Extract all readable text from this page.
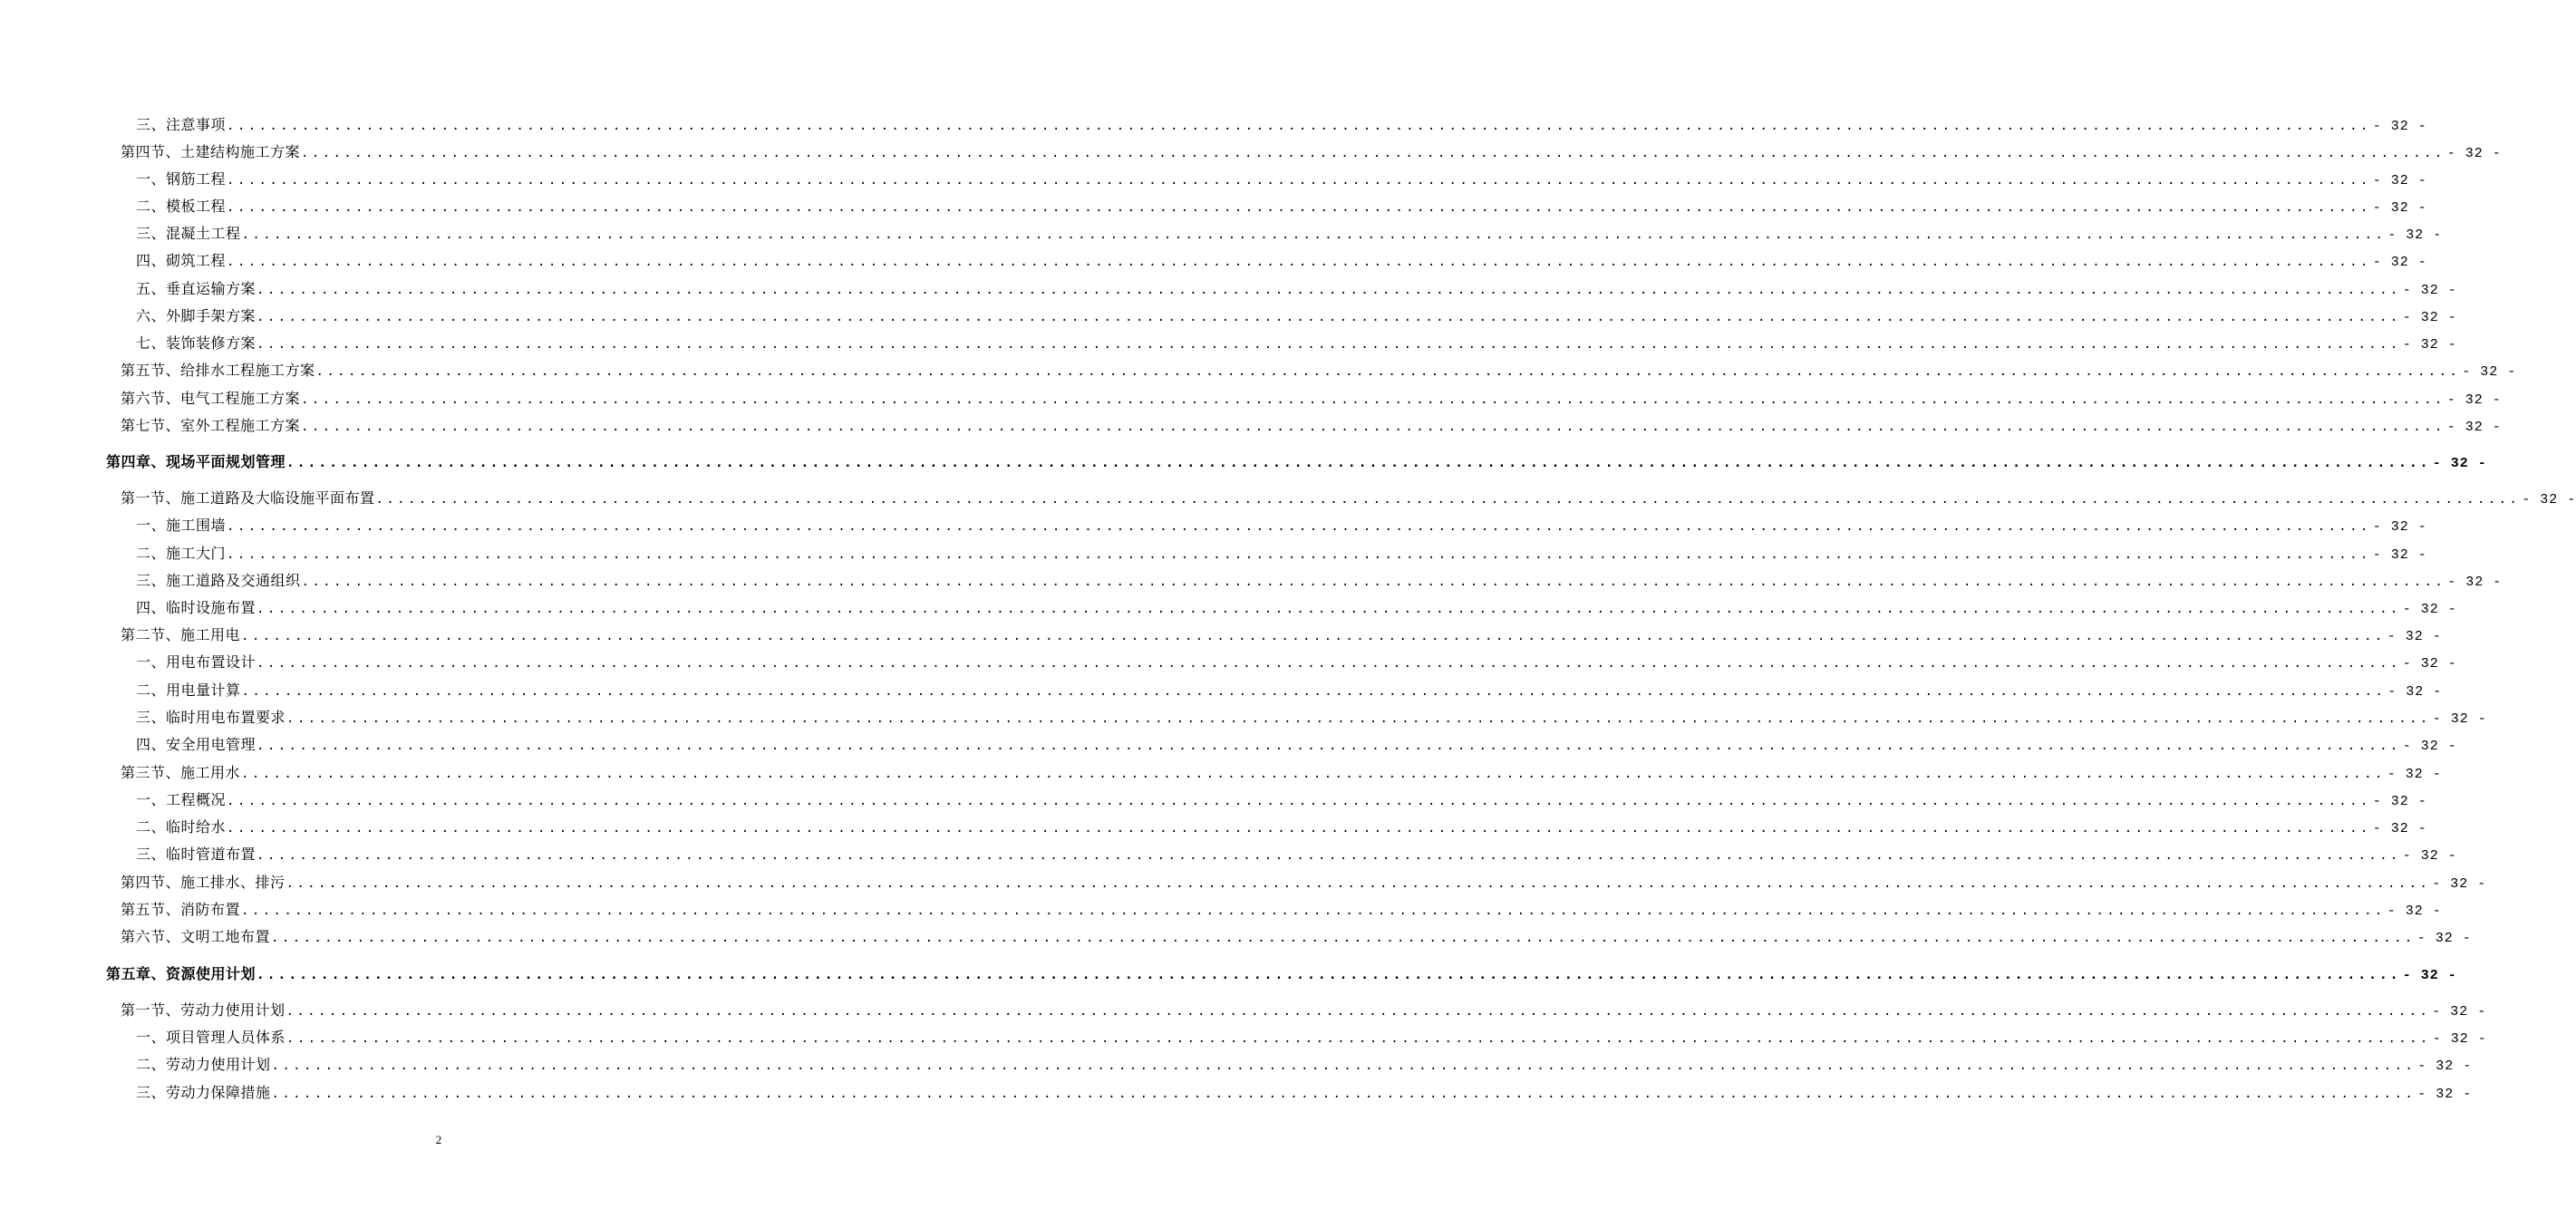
三、注意事项 ........................................................................................................................................................................................................ - 32 -
第四节、土建结构施工方案 ........................................................................................................................................................................................................ - 32 -
一、钢筋工程 ........................................................................................................................................................................................................ - 32 -
二、模板工程 ........................................................................................................................................................................................................ - 32 -
三、混凝土工程 ........................................................................................................................................................................................................ - 32 -
四、砌筑工程 ........................................................................................................................................................................................................ - 32 -
五、垂直运输方案 ........................................................................................................................................................................................................ - 32 -
六、外脚手架方案 ........................................................................................................................................................................................................ - 32 -
七、装饰装修方案 ........................................................................................................................................................................................................ - 32 -
第五节、给排水工程施工方案 ........................................................................................................................................................................................................ - 32 -
第六节、电气工程施工方案 ........................................................................................................................................................................................................ - 32 -
第七节、室外工程施工方案 ........................................................................................................................................................................................................ - 32 -
第四章、现场平面规划管理 ........................................................................................................................................................................................................ - 32 -
第一节、施工道路及大临设施平面布置 ........................................................................................................................................................................................................ - 32 -
一、施工围墙 ........................................................................................................................................................................................................ - 32 -
二、施工大门 ........................................................................................................................................................................................................ - 32 -
三、施工道路及交通组织 ........................................................................................................................................................................................................ - 32 -
四、临时设施布置 ........................................................................................................................................................................................................ - 32 -
第二节、施工用电 ........................................................................................................................................................................................................ - 32 -
一、用电布置设计 ........................................................................................................................................................................................................ - 32 -
二、用电量计算 ........................................................................................................................................................................................................ - 32 -
三、临时用电布置要求 ........................................................................................................................................................................................................ - 32 -
四、安全用电管理 ........................................................................................................................................................................................................ - 32 -
第三节、施工用水 ........................................................................................................................................................................................................ - 32 -
一、工程概况 ........................................................................................................................................................................................................ - 32 -
二、临时给水 ........................................................................................................................................................................................................ - 32 -
三、临时管道布置 ........................................................................................................................................................................................................ - 32 -
第四节、施工排水、排污 ........................................................................................................................................................................................................ - 32 -
第五节、消防布置 ........................................................................................................................................................................................................ - 32 -
第六节、文明工地布置 ........................................................................................................................................................................................................ - 32 -
第五章、资源使用计划 ........................................................................................................................................................................................................ - 32 -
第一节、劳动力使用计划 ........................................................................................................................................................................................................ - 32 -
一、项目管理人员体系 ........................................................................................................................................................................................................ - 32 -
二、劳动力使用计划 ........................................................................................................................................................................................................ - 32 -
三、劳动力保障措施 ........................................................................................................................................................................................................ - 32 -
2
